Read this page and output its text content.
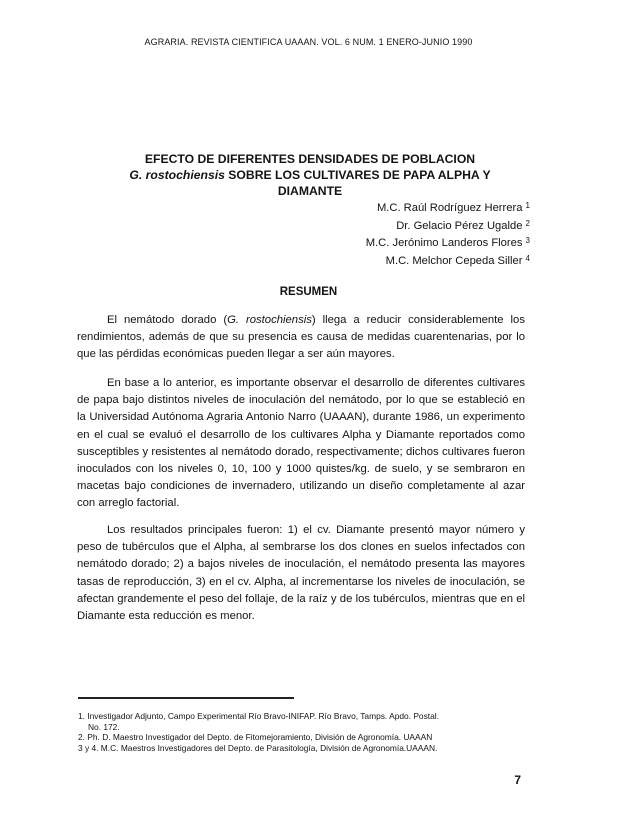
AGRARIA. REVISTA CIENTIFICA UAAAN. VOL. 6 NUM. 1 ENERO-JUNIO 1990
EFECTO DE DIFERENTES DENSIDADES DE POBLACION
G. rostochiensis SOBRE LOS CULTIVARES DE PAPA ALPHA Y
DIAMANTE
M.C. Raúl Rodríguez Herrera $^1$
Dr. Gelacio Pérez Ugalde $^2$
M.C. Jerónimo Landeros Flores $^3$
M.C. Melchor Cepeda Siller $^4$
RESUMEN

El nemátodo dorado (G. rostochiensis) llega a reducir considerablemente los rendimientos, además de que su presencia es causa de medidas cuarentenarias, por lo que las pérdidas económicas pueden llegar a ser aún mayores.

En base a lo anterior, es importante observar el desarrollo de diferentes cultivares de papa bajo distintos niveles de inoculación del nemátodo, por lo que se estableció en la Universidad Autónoma Agraria Antonio Narro (UAAAN), durante 1986, un experimento en el cual se evaluó el desarrollo de los cultivares Alpha y Diamante reportados como susceptibles y resistentes al nemátodo dorado, respectivamente; dichos cultivares fueron inoculados con los niveles 0, 10, 100 y 1000 quistes/kg. de suelo, y se sembraron en macetas bajo condiciones de invernadero, utilizando un diseño completamente al azar con arreglo factorial.

Los resultados principales fueron: 1) el cv. Diamante presentó mayor número y peso de tubérculos que el Alpha, al sembrarse los dos clones en suelos infectados con nemátodo dorado; 2) a bajos niveles de inoculación, el nemátodo presenta las mayores tasas de reproducción, 3) en el cv. Alpha, al incrementarse los niveles de inoculación, se afectan grandemente el peso del follaje, de la raíz y de los tubérculos, mientras que en el Diamante esta reducción es menor.

1. Investigador Adjunto, Campo Experimental Río Bravo-INIFAP. Río Bravo, Tamps. Apdo. Postal.
No. 172.
2. Ph. D. Maestro Investigador del Depto. de Fitomejoramiento, División de Agronomía. UAAAN
3 y 4. M.C. Maestros Investigadores del Depto. de Parasitología, División de Agronomía.UAAAN.
7
